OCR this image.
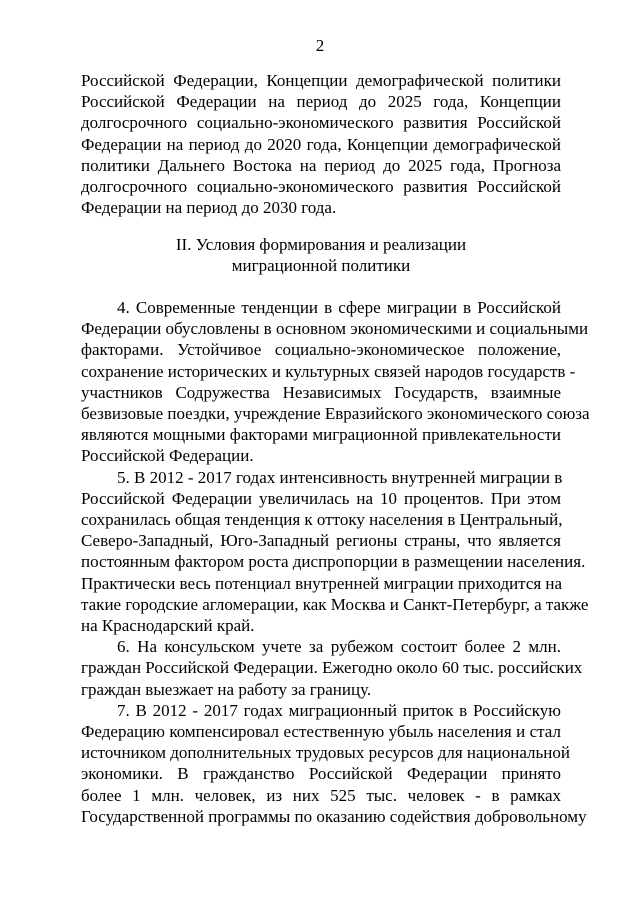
2
Российской Федерации, Концепции демографической политики
Российской Федерации на период до 2025 года, Концепции
долгосрочного социально-экономического развития Российской
Федерации на период до 2020 года, Концепции демографической
политики Дальнего Востока на период до 2025 года, Прогноза
долгосрочного социально-экономического развития Российской
Федерации на период до 2030 года.
II. Условия формирования и реализации
миграционной политики
4. Современные тенденции в сфере миграции в Российской
Федерации обусловлены в основном экономическими и социальными
факторами. Устойчивое социально-экономическое положение,
сохранение исторических и культурных связей народов государств -
участников Содружества Независимых Государств, взаимные
безвизовые поездки, учреждение Евразийского экономического союза
являются мощными факторами миграционной привлекательности
Российской Федерации.
5. В 2012 - 2017 годах интенсивность внутренней миграции в
Российской Федерации увеличилась на 10 процентов. При этом
сохранилась общая тенденция к оттоку населения в Центральный,
Северо-Западный, Юго-Западный регионы страны, что является
постоянным фактором роста диспропорции в размещении населения.
Практически весь потенциал внутренней миграции приходится на
такие городские агломерации, как Москва и Санкт-Петербург, а также
на Краснодарский край.
6. На консульском учете за рубежом состоит более 2 млн.
граждан Российской Федерации. Ежегодно около 60 тыс. российских
граждан выезжает на работу за границу.
7. В 2012 - 2017 годах миграционный приток в Российскую
Федерацию компенсировал естественную убыль населения и стал
источником дополнительных трудовых ресурсов для национальной
экономики. В гражданство Российской Федерации принято
более 1 млн. человек, из них 525 тыс. человек - в рамках
Государственной программы по оказанию содействия добровольному
